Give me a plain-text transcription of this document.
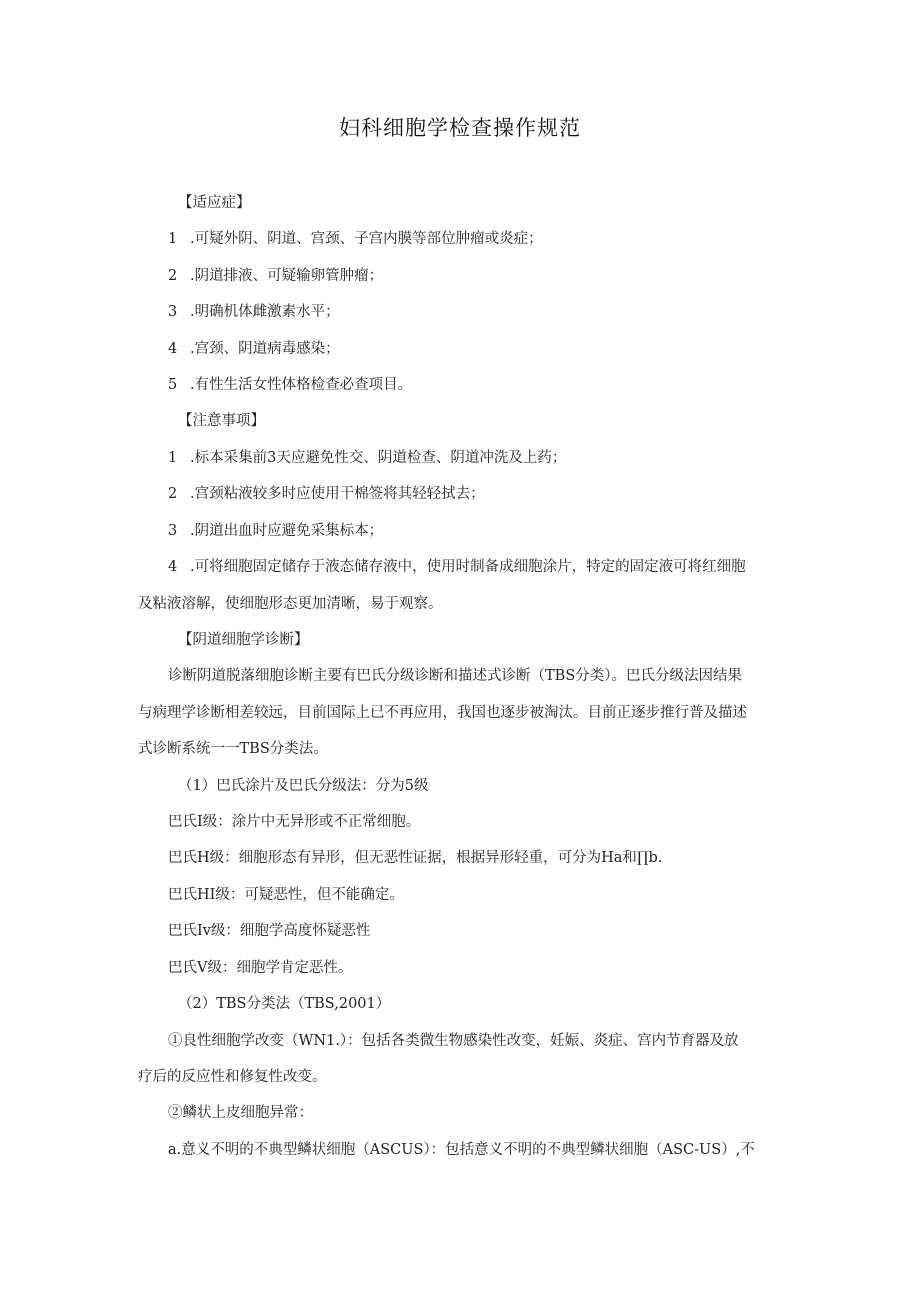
妇科细胞学检查操作规范
【适应症】
1 .可疑外阴、阴道、宫颈、子宫内膜等部位肿瘤或炎症；
2 .阴道排液、可疑输卵管肿瘤；
3 .明确机体雌激素水平；
4 .宫颈、阴道病毒感染；
5 .有性生活女性体格检查必查项目。
【注意事项】
1 .标本采集前3天应避免性交、阴道检查、阴道冲洗及上药；
2 .宫颈粘液较多时应使用干棉签将其轻轻拭去；
3 .阴道出血时应避免采集标本；
4 .可将细胞固定储存于液态储存液中，使用时制备成细胞涂片，特定的固定液可将红细胞
及粘液溶解，使细胞形态更加清晰，易于观察。
【阴道细胞学诊断】
诊断阴道脱落细胞诊断主要有巴氏分级诊断和描述式诊断（TBS分类）。巴氏分级法因结果
与病理学诊断相差较远，目前国际上已不再应用，我国也逐步被淘汰。目前正逐步推行普及描述
式诊断系统一一TBS分类法。
（1）巴氏涂片及巴氏分级法：分为5级
巴氏I级：涂片中无异形或不正常细胞。
巴氏H级：细胞形态有异形，但无恶性证据，根据异形轻重，可分为Ha和∏b.
巴氏HI级：可疑恶性，但不能确定。
巴氏Iv级：细胞学高度怀疑恶性
巴氏V级：细胞学肯定恶性。
（2）TBS分类法（TBS,2001）
①良性细胞学改变（WN1.）：包括各类微生物感染性改变，妊娠、炎症、宫内节育器及放
疗后的反应性和修复性改变。
②鳞状上皮细胞异常：
a.意义不明的不典型鳞状细胞（ASCUS）：包括意义不明的不典型鳞状细胞（ASC-US）,不
